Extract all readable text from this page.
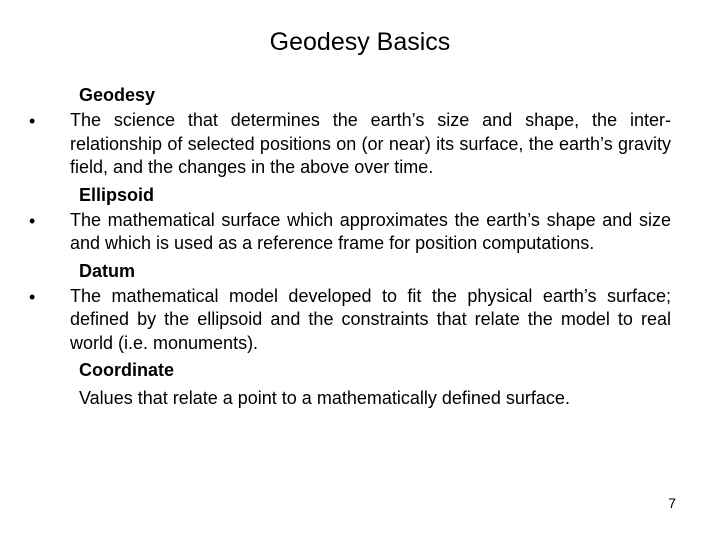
Geodesy Basics
Geodesy
• The science that determines the earth’s size and shape, the inter-relationship of selected positions on (or near) its surface, the earth’s gravity field, and the changes in the above over time.
Ellipsoid
• The mathematical surface which approximates the earth’s shape and size and which is used as a reference frame for position computations.
Datum
• The mathematical model developed to fit the physical earth’s surface; defined by the ellipsoid and the constraints that relate the model to real world (i.e. monuments).
Coordinate
Values that relate a point to a mathematically defined surface.
7
